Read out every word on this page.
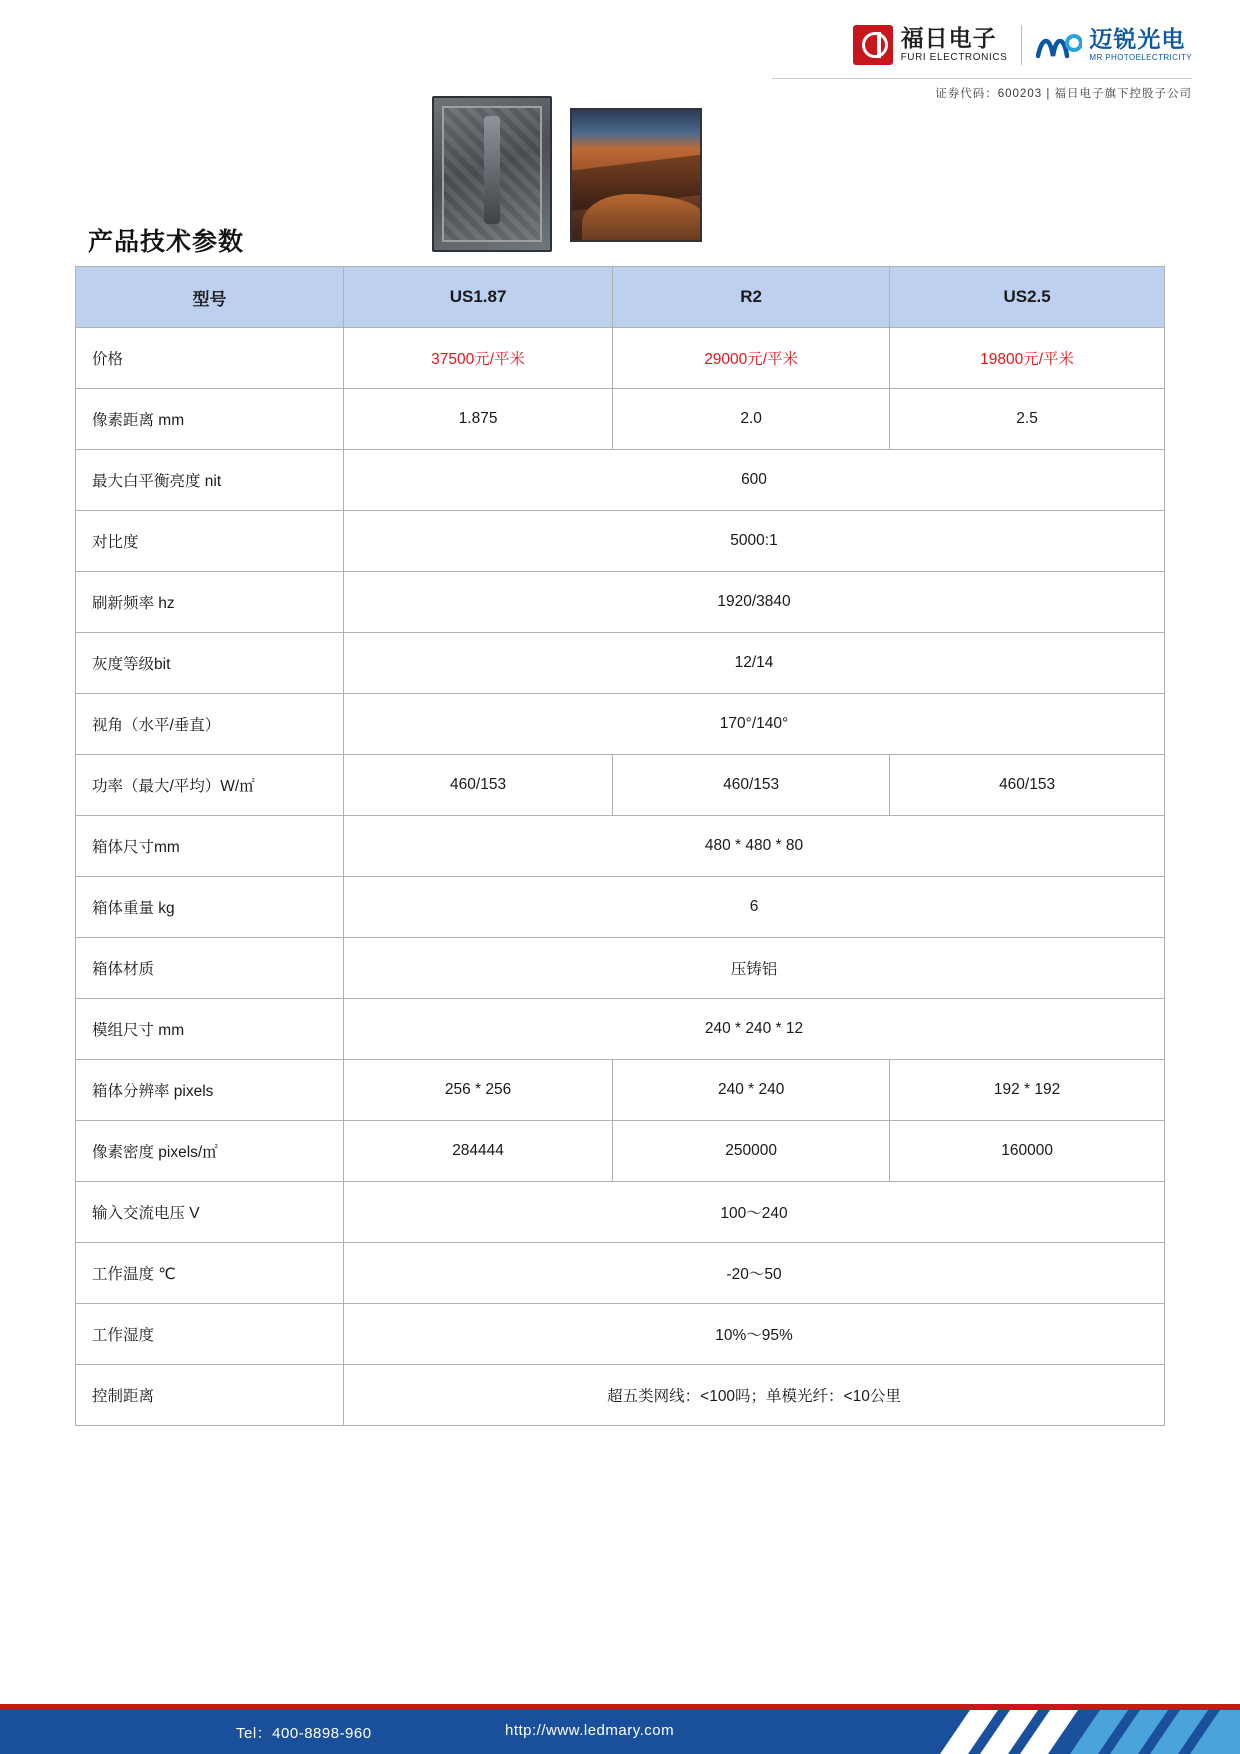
福日电子
FURI ELECTRONICS
迈锐光电
MR PHOTOELECTRICITY
证券代码：600203 | 福日电子旗下控股子公司
产品技术参数
型号	US1.87	R2	US2.5
价格	37500元/平米	29000元/平米	19800元/平米
像素距离 mm	1.875	2.0	2.5
最大白平衡亮度 nit	600		
对比度	5000:1		
刷新频率 hz	1920/3840		
灰度等级bit	12/14		
视角（水平/垂直）	170°/140°		
功率（最大/平均）W/㎡	460/153	460/153	460/153
箱体尺寸mm	480 * 480 * 80		
箱体重量 kg	6		
箱体材质	压铸铝		
模组尺寸 mm	240 * 240 * 12		
箱体分辨率 pixels	256 * 256	240 * 240	192 * 192
像素密度 pixels/㎡	284444	250000	160000
输入交流电压 V	100～240		
工作温度 ℃	-20～50		
工作湿度	10%～95%		
控制距离	超五类网线：<100吗；单模光纤：<10公里		
Tel：400-8898-960	http://www.ledmary.com
